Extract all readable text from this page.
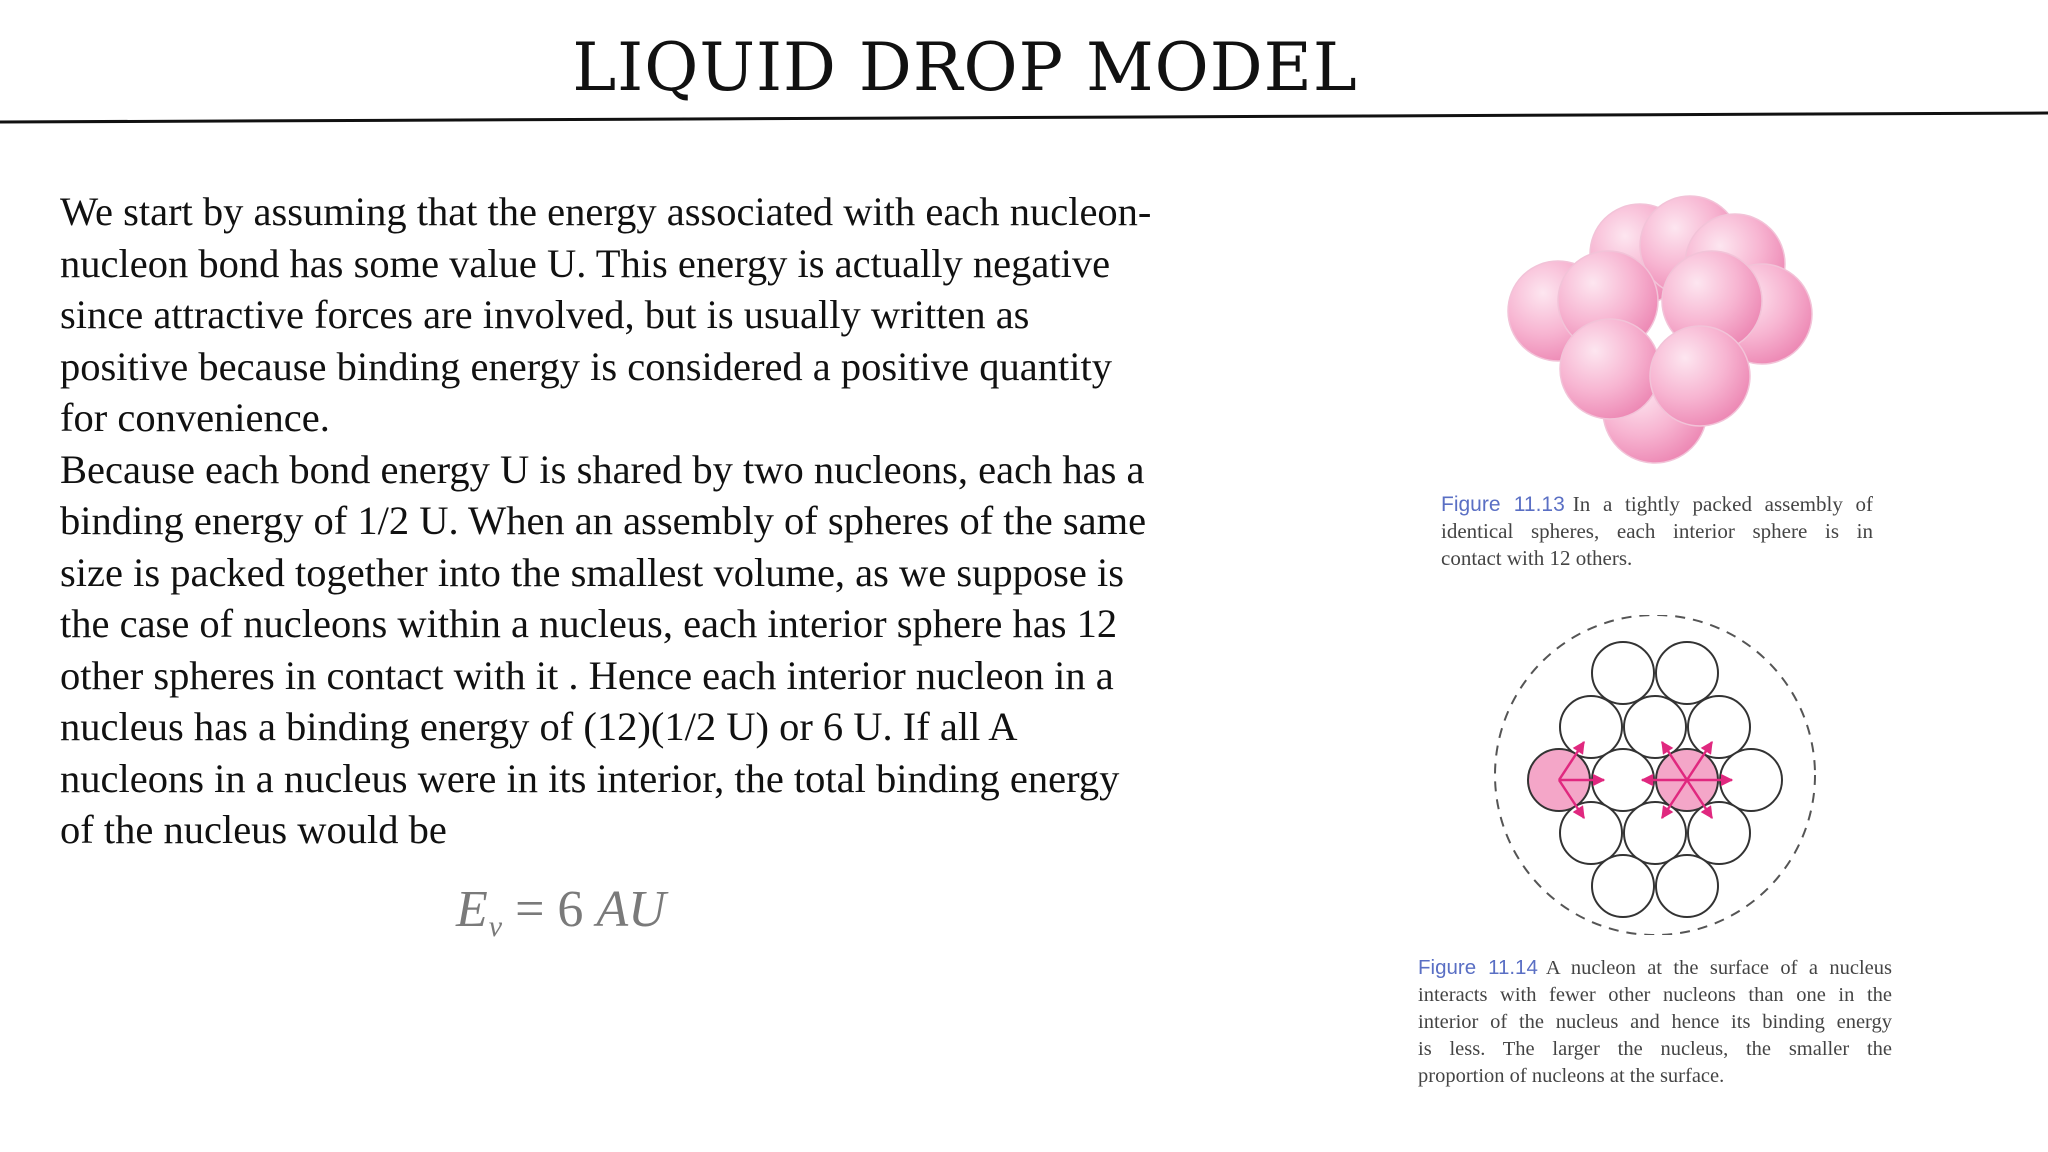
LIQUID DROP MODEL

We start by assuming that the energy associated with each nucleon-

nucleon bond has some value U. This energy is actually negative

since attractive forces are involved, but is usually written as

positive because binding energy is considered a positive quantity

for convenience.

Because each bond energy U is shared by two nucleons, each has a

binding energy of 1/2 U. When an assembly of spheres of the same

size is packed together into the smallest volume, as we suppose is

the case of nucleons within a nucleus, each interior sphere has 12

other spheres in contact with it . Hence each interior nucleon in a

nucleus has a binding energy of (12)(1/2 U) or 6 U. If all A

nucleons in a nucleus were in its interior, the total binding energy

of the nucleus would be

$E_v = 6$ AU
Figure 11.13 In a tightly packed assembly of
identical spheres, each interior sphere is in
contact with 12 others.
Figure 11.14 A nucleon at the surface of a nucleus
interacts with fewer other nucleons than one in the
interior of the nucleus and hence its binding energy
is less. The larger the nucleus, the smaller the
proportion of nucleons at the surface.
